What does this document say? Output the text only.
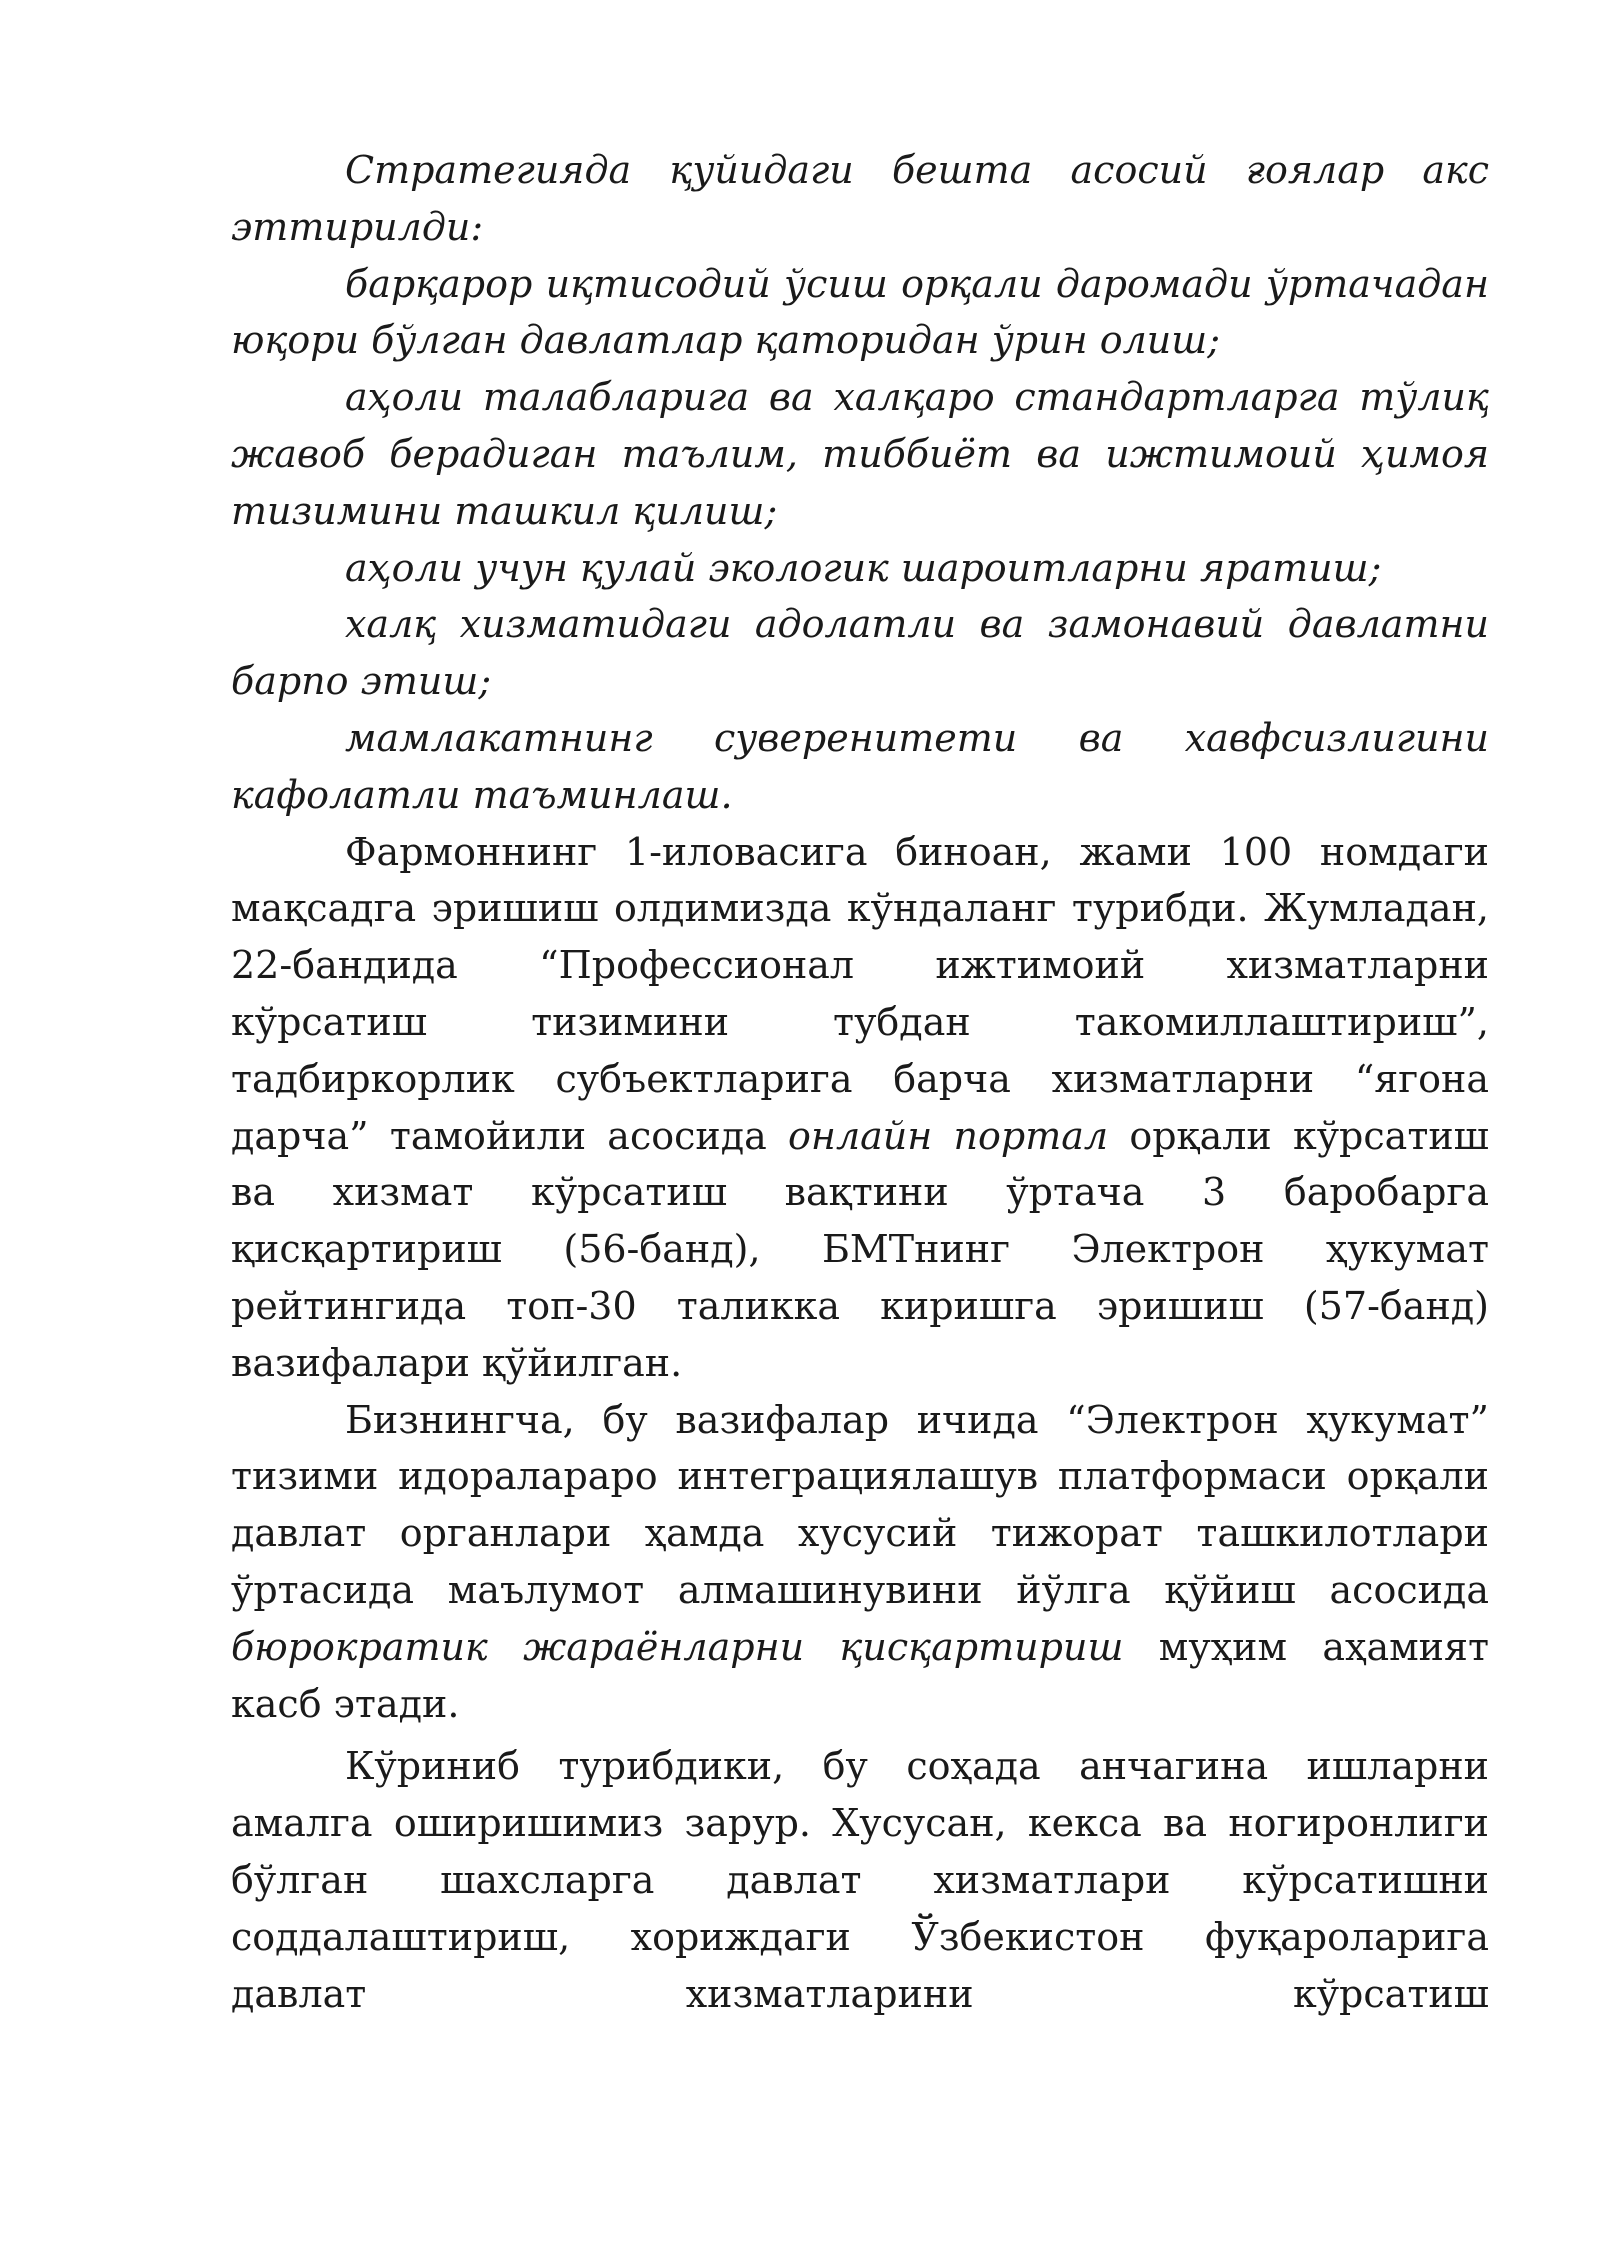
Стратегияда қуйидаги бешта асосий ғоялар акс эттирилди:

барқарор иқтисодий ўсиш орқали даромади ўртачадан юқори бўлган давлатлар қаторидан ўрин олиш;

аҳоли талабларига ва халқаро стандартларга тўлиқ жавоб берадиган таълим, тиббиёт ва ижтимоий ҳимоя тизимини ташкил қилиш;

аҳоли учун қулай экологик шароитларни яратиш;

халқ хизматидаги адолатли ва замонавий давлатни барпо этиш;

мамлакатнинг суверенитети ва хавфсизлигини кафолатли таъминлаш.

Фармоннинг 1-иловасига биноан, жами 100 номдаги мақсадга эришиш олдимизда кўндаланг турибди. Жумладан, 22-бандида “Профессионал ижтимоий хизматларни кўрсатиш тизимини тубдан такомиллаштириш”, тадбиркорлик субъектларига барча хизматларни “ягона дарча” тамойили асосида онлайн портал орқали кўрсатиш ва хизмат кўрсатиш вақтини ўртача 3 баробарга қисқартириш (56-банд), БМТнинг Электрон ҳукумат рейтингида топ-30 таликка киришга эришиш (57-банд) вазифалари қўйилган.

Бизнингча, бу вазифалар ичида “Электрон ҳукумат” тизими идоралараро интеграциялашув платформаси орқали давлат органлари ҳамда хусусий тижорат ташкилотлари ўртасида маълумот алмашинувини йўлга қўйиш асосида бюрократик жараёнларни қисқартириш муҳим аҳамият касб этади.

Кўриниб турибдики, бу соҳада анчагина ишларни амалга оширишимиз зарур. Хусусан, кекса ва ногиронлиги бўлган шахсларга давлат хизматлари кўрсатишни соддалаштириш, хориждаги Ўзбекистон фуқароларига давлат хизматларини кўрсатиш
